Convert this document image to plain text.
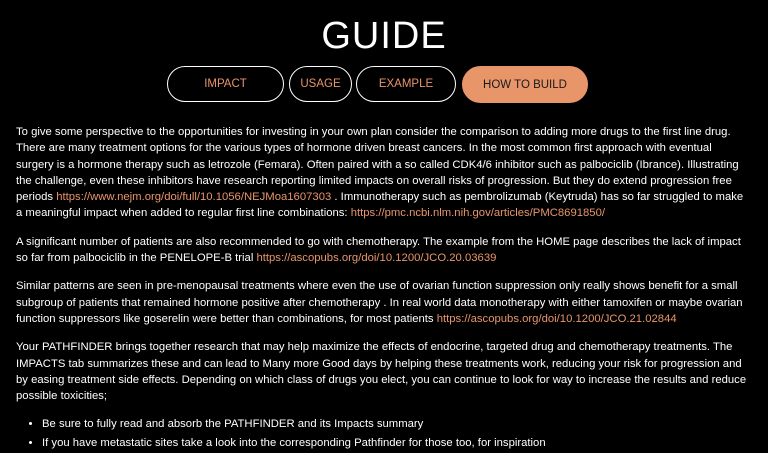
GUIDE
IMPACT	USAGE	EXAMPLE	HOW TO BUILD

To give some perspective to the opportunities for investing in your own plan consider the comparison to adding more drugs to the first line drug. There are many treatment options for the various types of hormone driven breast cancers. In the most common first approach with eventual surgery is a hormone therapy such as letrozole (Femara). Often paired with a so called CDK4/6 inhibitor such as palbociclib (Ibrance). Illustrating the challenge, even these inhibitors have research reporting limited impacts on overall risks of progression. But they do extend progression free periods https://www.nejm.org/doi/full/10.1056/NEJMoa1607303 . Immunotherapy such as pembrolizumab (Keytruda) has so far struggled to make a meaningful impact when added to regular first line combinations: https://pmc.ncbi.nlm.nih.gov/articles/PMC8691850/

A significant number of patients are also recommended to go with chemotherapy. The example from the HOME page describes the lack of impact so far from palbociclib in the PENELOPE-B trial https://ascopubs.org/doi/10.1200/JCO.20.03639

Similar patterns are seen in pre-menopausal treatments where even the use of ovarian function suppression only really shows benefit for a small subgroup of patients that remained hormone positive after chemotherapy . In real world data monotherapy with either tamoxifen or maybe ovarian function suppressors like goserelin were better than combinations, for most patients https://ascopubs.org/doi/10.1200/JCO.21.02844

Your PATHFINDER brings together research that may help maximize the effects of endocrine, targeted drug and chemotherapy treatments. The IMPACTS tab summarizes these and can lead to Many more Good days by helping these treatments work, reducing your risk for progression and by easing treatment side effects. Depending on which class of drugs you elect, you can continue to look for way to increase the results and reduce possible toxicities;

• Be sure to fully read and absorb the PATHFINDER and its Impacts summary
• If you have metastatic sites take a look into the corresponding Pathfinder for those too, for inspiration
